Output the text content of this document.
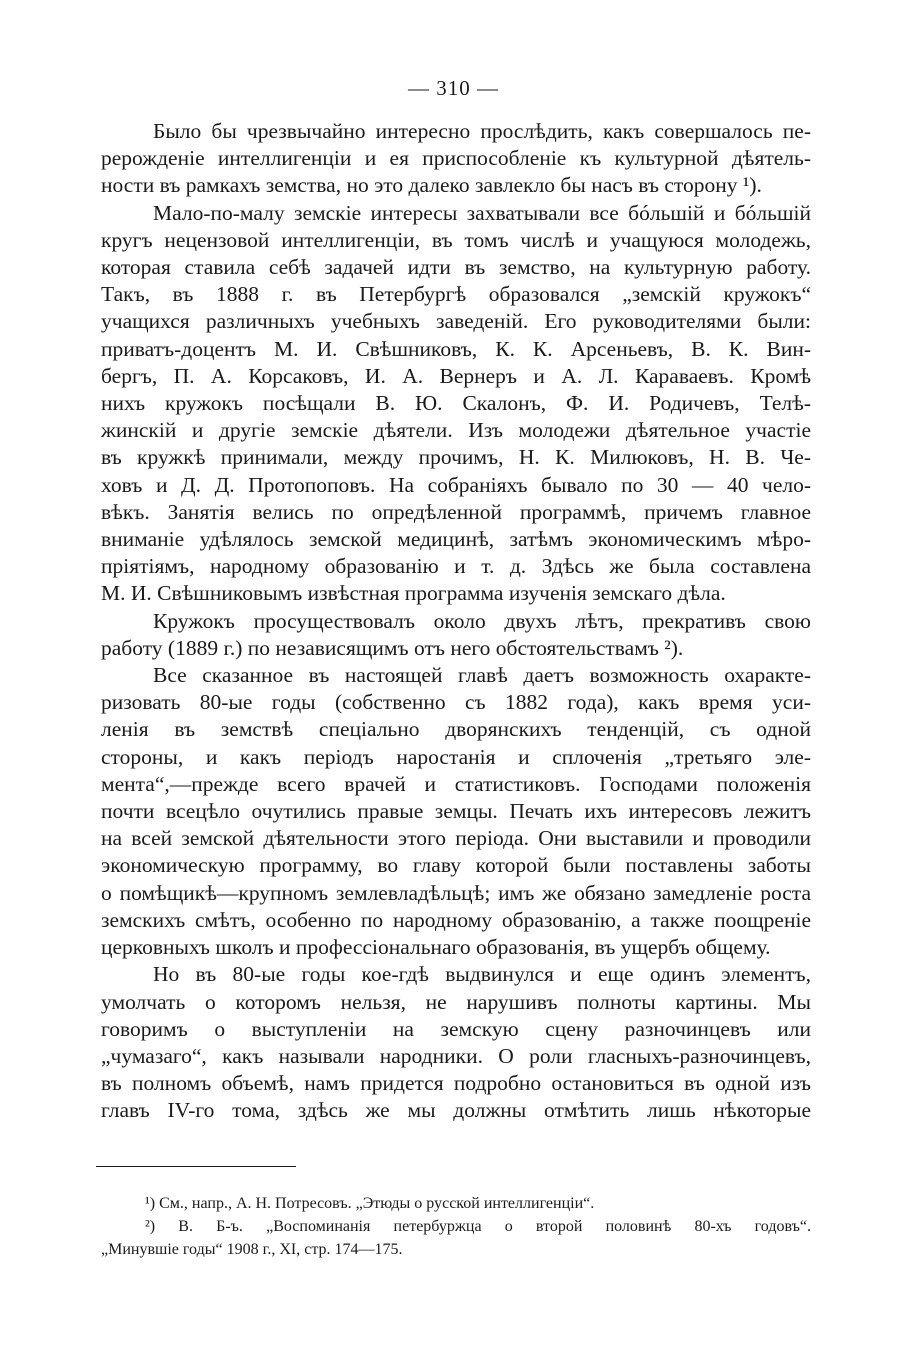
— 310 —

Было бы чрезвычайно интересно прослѣдить, какъ совершалось пе-
рерожденіе интеллигенціи и ея приспособленіе къ культурной дѣятель-
ности въ рамкахъ земства, но это далеко завлекло бы насъ въ сторону ¹).

Мало-по-малу земскіе интересы захватывали все бóльшій и бóльшій
кругъ нецензовой интеллигенціи, въ томъ числѣ и учащуюся молодежь,
которая ставила себѣ задачей идти въ земство, на культурную работу.
Такъ, въ 1888 г. въ Петербургѣ образовался „земскій кружокъ“
учащихся различныхъ учебныхъ заведеній. Его руководителями были:
приватъ-доцентъ М. И. Свѣшниковъ, К. К. Арсеньевъ, В. К. Вин-
бергъ, П. А. Корсаковъ, И. А. Вернеръ и А. Л. Караваевъ. Кромѣ
нихъ кружокъ посѣщали В. Ю. Скалонъ, Ф. И. Родичевъ, Телѣ-
жинскій и другіе земскіе дѣятели. Изъ молодежи дѣятельное участіе
въ кружкѣ принимали, между прочимъ, Н. К. Милюковъ, Н. В. Че-
ховъ и Д. Д. Протопоповъ. На собраніяхъ бывало по 30 — 40 чело-
вѣкъ. Занятія велись по опредѣленной программѣ, причемъ главное
вниманіе удѣлялось земской медицинѣ, затѣмъ экономическимъ мѣро-
пріятіямъ, народному образованію и т. д. Здѣсь же была составлена
М. И. Свѣшниковымъ извѣстная программа изученія земскаго дѣла.

Кружокъ просуществовалъ около двухъ лѣтъ, прекративъ свою
работу (1889 г.) по независящимъ отъ него обстоятельствамъ ²).

Все сказанное въ настоящей главѣ даетъ возможность охаракте-
ризовать 80-ые годы (собственно съ 1882 года), какъ время уси-
ленія въ земствѣ спеціально дворянскихъ тенденцій, съ одной
стороны, и какъ періодъ наростанія и сплоченія „третьяго эле-
мента“,—прежде всего врачей и статистиковъ. Господами положенія
почти всецѣло очутились правые земцы. Печать ихъ интересовъ лежитъ
на всей земской дѣятельности этого періода. Они выставили и проводили
экономическую программу, во главу которой были поставлены заботы
о помѣщикѣ—крупномъ землевладѣльцѣ; имъ же обязано замедленіе роста
земскихъ смѣтъ, особенно по народному образованію, а также поощреніе
церковныхъ школъ и профессіональнаго образованія, въ ущербъ общему.

Но въ 80-ые годы кое-гдѣ выдвинулся и еще одинъ элементъ,
умолчать о которомъ нельзя, не нарушивъ полноты картины. Мы
говоримъ о выступленіи на земскую сцену разночинцевъ или
„чумазаго“, какъ называли народники. О роли гласныхъ-разночинцевъ,
въ полномъ объемѣ, намъ придется подробно остановиться въ одной изъ
главъ IV-го тома, здѣсь же мы должны отмѣтить лишь нѣкоторые

¹) См., напр., А. Н. Потресовъ. „Этюды о русской интеллигенціи“.
²) В. Б-ъ. „Воспоминанія петербуржца о второй половинѣ 80-хъ годовъ“.
„Минувшіе годы“ 1908 г., XI, стр. 174—175.
